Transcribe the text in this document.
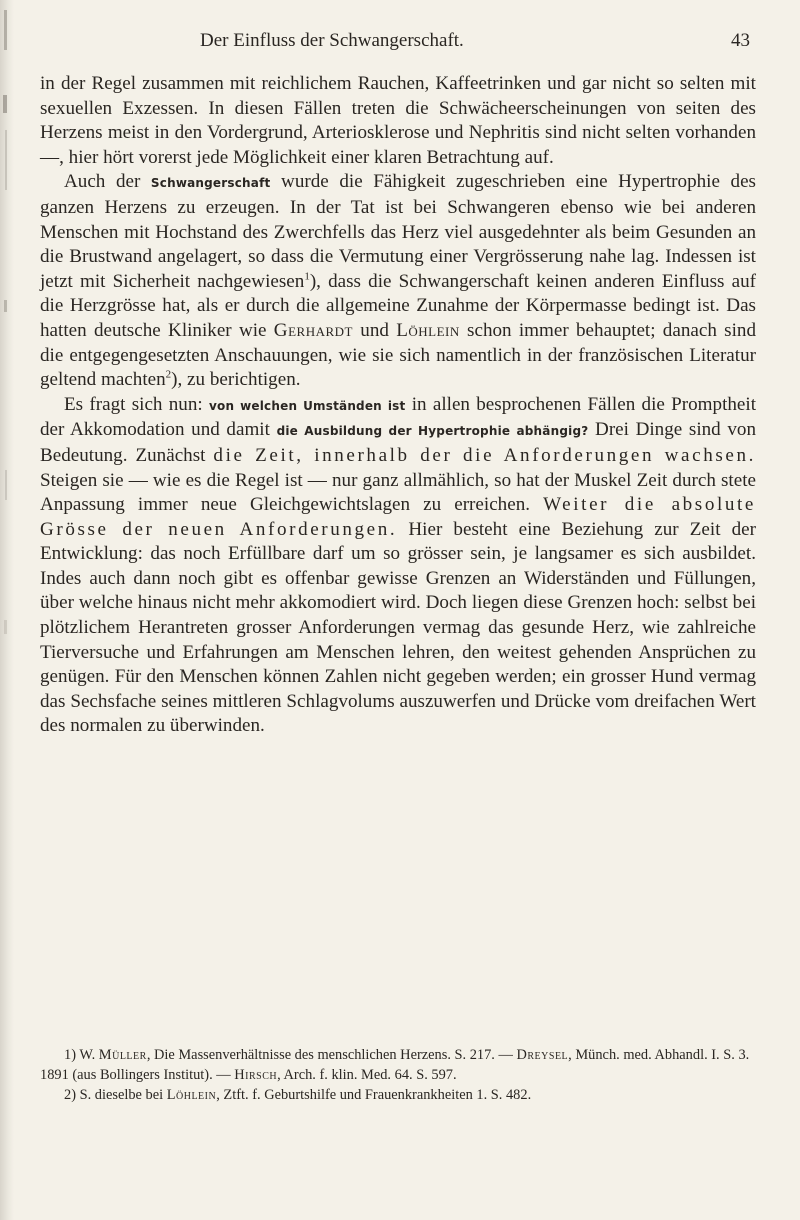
Der Einfluss der Schwangerschaft.	43

in der Regel zusammen mit reichlichem Rauchen, Kaffeetrinken und gar nicht so selten mit sexuellen Exzessen. In diesen Fällen treten die Schwächeerscheinungen von seiten des Herzens meist in den Vordergrund, Arteriosklerose und Nephritis sind nicht selten vorhanden —, hier hört vorerst jede Möglichkeit einer klaren Betrachtung auf.

Auch der Schwangerschaft wurde die Fähigkeit zugeschrieben eine Hypertrophie des ganzen Herzens zu erzeugen. In der Tat ist bei Schwangeren ebenso wie bei anderen Menschen mit Hochstand des Zwerchfells das Herz viel ausgedehnter als beim Gesunden an die Brustwand angelagert, so dass die Vermutung einer Vergrösserung nahe lag. Indessen ist jetzt mit Sicherheit nachgewiesen$^1$), dass die Schwangerschaft keinen anderen Einfluss auf die Herzgrösse hat, als er durch die allgemeine Zunahme der Körpermasse bedingt ist. Das hatten deutsche Kliniker wie Gerhardt und Löhlein schon immer behauptet; danach sind die entgegengesetzten Anschauungen, wie sie sich namentlich in der französischen Literatur geltend machten$^2$), zu berichtigen.

Es fragt sich nun: von welchen Umständen ist in allen besprochenen Fällen die Promptheit der Akkomodation und damit die Ausbildung der Hypertrophie abhängig? Drei Dinge sind von Bedeutung. Zunächst die Zeit, innerhalb der die Anforderungen wachsen. Steigen sie — wie es die Regel ist — nur ganz allmählich, so hat der Muskel Zeit durch stete Anpassung immer neue Gleichgewichtslagen zu erreichen. Weiter die absolute Grösse der neuen Anforderungen. Hier besteht eine Beziehung zur Zeit der Entwicklung: das noch Erfüllbare darf um so grösser sein, je langsamer es sich ausbildet. Indes auch dann noch gibt es offenbar gewisse Grenzen an Widerständen und Füllungen, über welche hinaus nicht mehr akkomodiert wird. Doch liegen diese Grenzen hoch: selbst bei plötzlichem Herantreten grosser Anforderungen vermag das gesunde Herz, wie zahlreiche Tierversuche und Erfahrungen am Menschen lehren, den weitest gehenden Ansprüchen zu genügen. Für den Menschen können Zahlen nicht gegeben werden; ein grosser Hund vermag das Sechsfache seines mittleren Schlagvolums auszuwerfen und Drücke vom dreifachen Wert des normalen zu überwinden.

1) W. Müller, Die Massenverhältnisse des menschlichen Herzens. S. 217. — Dreysel, Münch. med. Abhandl. I. S. 3. 1891 (aus Bollingers Institut). — Hirsch, Arch. f. klin. Med. 64. S. 597.

2) S. dieselbe bei Löhlein, Ztft. f. Geburtshilfe und Frauenkrankheiten 1. S. 482.
